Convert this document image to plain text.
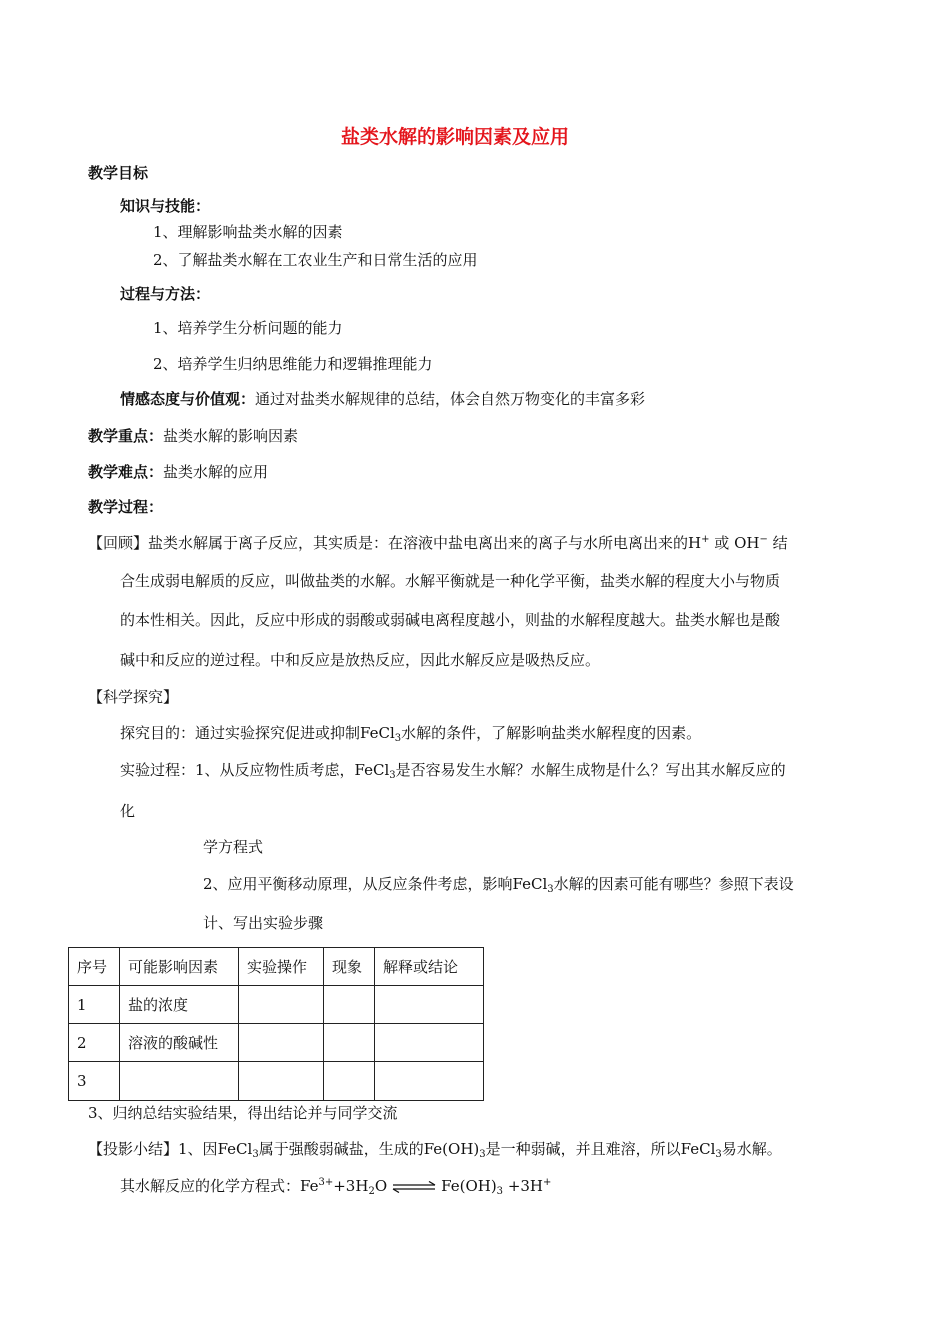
盐类水解的影响因素及应用
教学目标
知识与技能：
1、理解影响盐类水解的因素
2、了解盐类水解在工农业生产和日常生活的应用
过程与方法：
1、培养学生分析问题的能力
2、培养学生归纳思维能力和逻辑推理能力
情感态度与价值观：通过对盐类水解规律的总结，体会自然万物变化的丰富多彩
教学重点：盐类水解的影响因素
教学难点：盐类水解的应用
教学过程：
【回顾】盐类水解属于离子反应，其实质是：在溶液中盐电离出来的离子与水所电离出来的H+ 或 OH− 结
合生成弱电解质的反应，叫做盐类的水解。水解平衡就是一种化学平衡，盐类水解的程度大小与物质
的本性相关。因此，反应中形成的弱酸或弱碱电离程度越小，则盐的水解程度越大。盐类水解也是酸
碱中和反应的逆过程。中和反应是放热反应，因此水解反应是吸热反应。
【科学探究】
探究目的：通过实验探究促进或抑制FeCl$_3$水解的条件，了解影响盐类水解程度的因素。
实验过程：1、从反应物性质考虑，FeCl$_3$是否容易发生水解？水解生成物是什么？写出其水解反应的
化
学方程式
2、应用平衡移动原理，从反应条件考虑，影响FeCl$_3$水解的因素可能有哪些？参照下表设
计、写出实验步骤
序号	可能影响因素	实验操作	现象	解释或结论
1	盐的浓度			
2	溶液的酸碱性			
3				
3、归纳总结实验结果，得出结论并与同学交流
【投影小结】1、因FeCl$_3$属于强酸弱碱盐，生成的$Fe(OH)_3$是一种弱碱，并且难溶，所以FeCl$_3$易水解。
其水解反应的化学方程式：$Fe^{3+}+3H_2O$ ⇌ $Fe(OH)_3 +3H^+$
